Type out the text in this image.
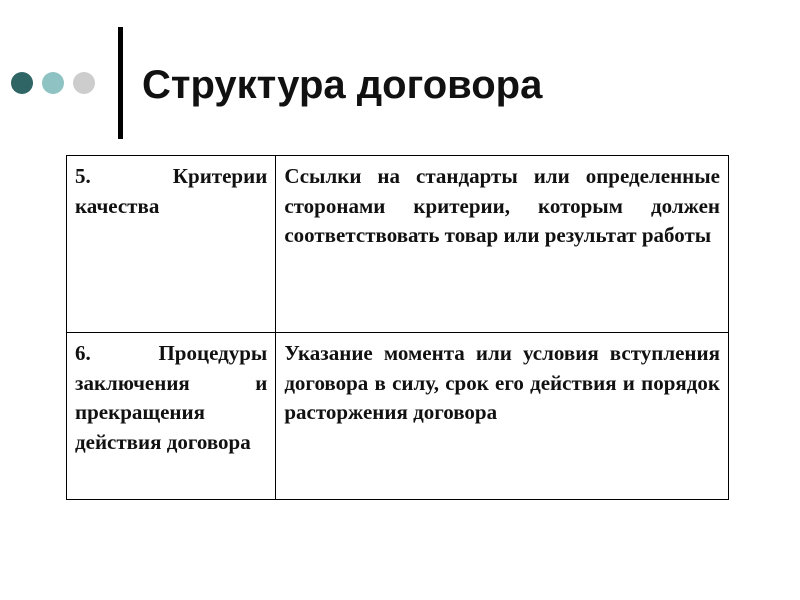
Структура договора
5. Критерии качества	Ссылки на стандарты или определенные сторонами критерии, которым должен соответствовать товар или результат работы
6. Процедуры заключения и прекращения действия договора	Указание момента или условия вступления договора в силу, срок его действия и порядок расторжения договора
